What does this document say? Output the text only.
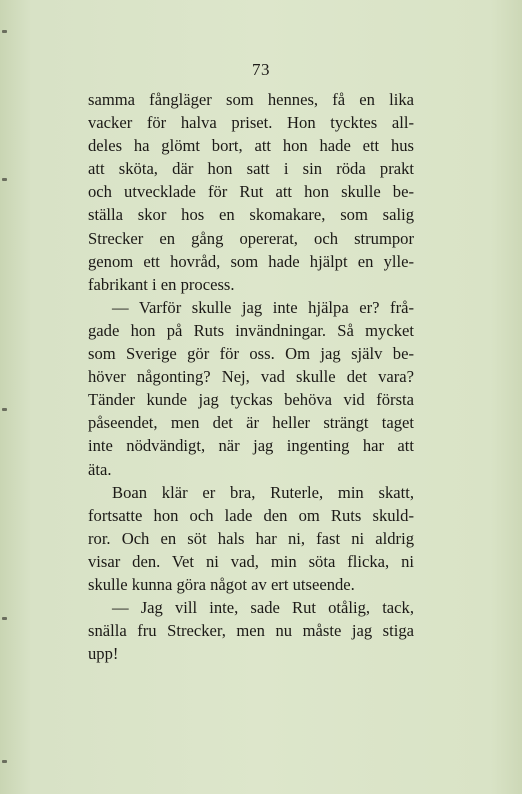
73
samma fångläger som hennes, få en lika
vacker för halva priset. Hon tycktes all-
deles ha glömt bort, att hon hade ett hus
att sköta, där hon satt i sin röda prakt
och utvecklade för Rut att hon skulle be-
ställa skor hos en skomakare, som salig
Strecker en gång opererat, och strumpor
genom ett hovråd, som hade hjälpt en ylle-
fabrikant i en process.
— Varför skulle jag inte hjälpa er? frå-
gade hon på Ruts invändningar. Så mycket
som Sverige gör för oss. Om jag själv be-
höver någonting? Nej, vad skulle det vara?
Tänder kunde jag tyckas behöva vid första
påseendet, men det är heller strängt taget
inte nödvändigt, när jag ingenting har att
äta.
Boan klär er bra, Ruterle, min skatt,
fortsatte hon och lade den om Ruts skuld-
ror. Och en söt hals har ni, fast ni aldrig
visar den. Vet ni vad, min söta flicka, ni
skulle kunna göra något av ert utseende.
— Jag vill inte, sade Rut otålig, tack,
snälla fru Strecker, men nu måste jag stiga
upp!
